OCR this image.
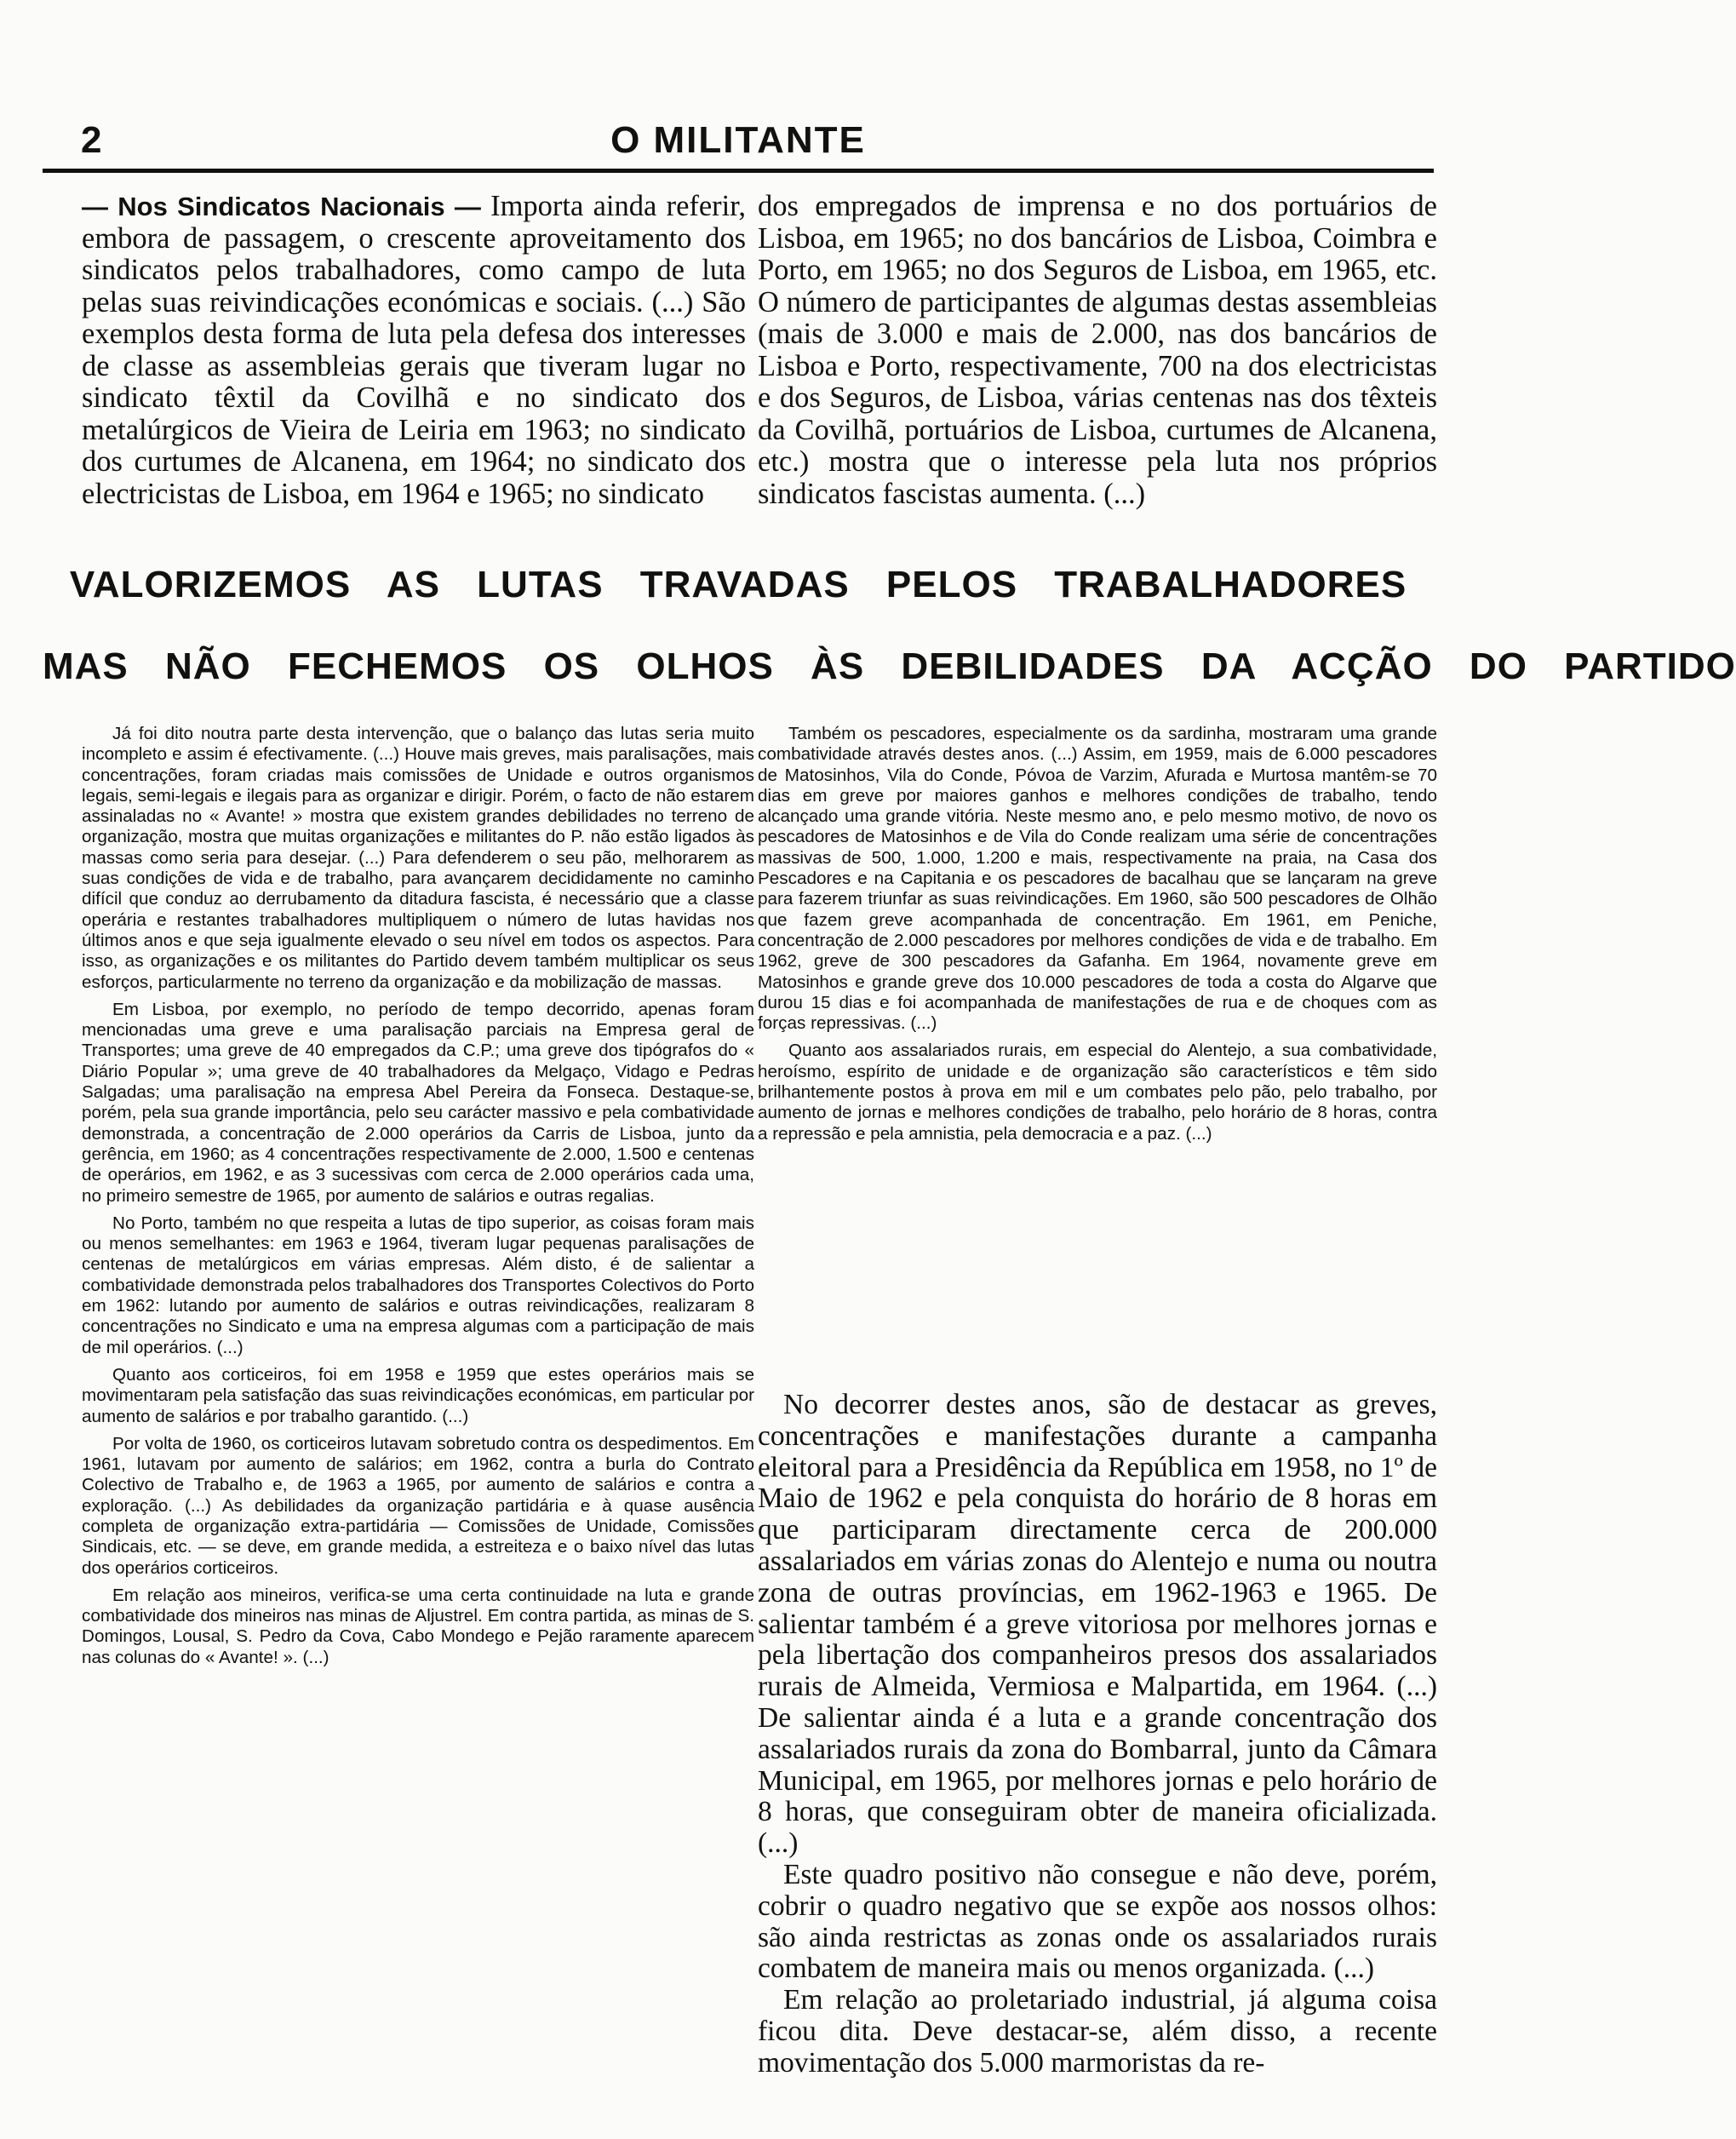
2	O MILITANTE
— Nos Sindicatos Nacionais — Importa ainda referir, embora de passagem, o crescente aproveitamento dos sindicatos pelos trabalhadores, como campo de luta pelas suas reivindicações económicas e sociais. (...) São exemplos desta forma de luta pela defesa dos interesses de classe as assembleias gerais que tiveram lugar no sindicato têxtil da Covilhã e no sindicato dos metalúrgicos de Vieira de Leiria em 1963; no sindicato dos curtumes de Alcanena, em 1964; no sindicato dos electricistas de Lisboa, em 1964 e 1965; no sindicato
dos empregados de imprensa e no dos portuários de Lisboa, em 1965; no dos bancários de Lisboa, Coimbra e Porto, em 1965; no dos Seguros de Lisboa, em 1965, etc. O número de participantes de algumas destas assembleias (mais de 3.000 e mais de 2.000, nas dos bancários de Lisboa e Porto, respectivamente, 700 na dos electricistas e dos Seguros, de Lisboa, várias centenas nas dos têxteis da Covilhã, portuários de Lisboa, curtumes de Alcanena, etc.) mostra que o interesse pela luta nos próprios sindicatos fascistas aumenta. (...)
VALORIZEMOS AS LUTAS TRAVADAS PELOS TRABALHADORES
MAS NÃO FECHEMOS OS OLHOS ÀS DEBILIDADES DA ACÇÃO DO PARTIDO

Já foi dito noutra parte desta intervenção, que o balanço das lutas seria muito incompleto e assim é efectivamente. (...) Houve mais greves, mais paralisações, mais concentrações, foram criadas mais comissões de Unidade e outros organismos legais, semi-legais e ilegais para as organizar e dirigir. Porém, o facto de não estarem assinaladas no « Avante! » mostra que existem grandes debilidades no terreno de organização, mostra que muitas organizações e militantes do P. não estão ligados às massas como seria para desejar. (...) Para defenderem o seu pão, melhorarem as suas condições de vida e de trabalho, para avançarem decididamente no caminho difícil que conduz ao derrubamento da ditadura fascista, é necessário que a classe operária e restantes trabalhadores multipliquem o número de lutas havidas nos últimos anos e que seja igualmente elevado o seu nível em todos os aspectos. Para isso, as organizações e os militantes do Partido devem também multiplicar os seus esforços, particularmente no terreno da organização e da mobilização de massas.

Em Lisboa, por exemplo, no período de tempo decorrido, apenas foram mencionadas uma greve e uma paralisação parciais na Empresa geral de Transportes; uma greve de 40 empregados da C.P.; uma greve dos tipógrafos do « Diário Popular »; uma greve de 40 trabalhadores da Melgaço, Vidago e Pedras Salgadas; uma paralisação na empresa Abel Pereira da Fonseca. Destaque-se, porém, pela sua grande importância, pelo seu carácter massivo e pela combatividade demonstrada, a concentração de 2.000 operários da Carris de Lisboa, junto da gerência, em 1960; as 4 concentrações respectivamente de 2.000, 1.500 e centenas de operários, em 1962, e as 3 sucessivas com cerca de 2.000 operários cada uma, no primeiro semestre de 1965, por aumento de salários e outras regalias.

No Porto, também no que respeita a lutas de tipo superior, as coisas foram mais ou menos semelhantes: em 1963 e 1964, tiveram lugar pequenas paralisações de centenas de metalúrgicos em várias empresas. Além disto, é de salientar a combatividade demonstrada pelos trabalhadores dos Transportes Colectivos do Porto em 1962: lutando por aumento de salários e outras reivindicações, realizaram 8 concentrações no Sindicato e uma na empresa algumas com a participação de mais de mil operários. (...)

Quanto aos corticeiros, foi em 1958 e 1959 que estes operários mais se movimentaram pela satisfação das suas reivindicações económicas, em particular por aumento de salários e por trabalho garantido. (...)

Por volta de 1960, os corticeiros lutavam sobretudo contra os despedimentos. Em 1961, lutavam por aumento de salários; em 1962, contra a burla do Contrato Colectivo de Trabalho e, de 1963 a 1965, por aumento de salários e contra a exploração. (...) As debilidades da organização partidária e à quase ausência completa de organização extra-partidária — Comissões de Unidade, Comissões Sindicais, etc. — se deve, em grande medida, a estreiteza e o baixo nível das lutas dos operários corticeiros.

Em relação aos mineiros, verifica-se uma certa continuidade na luta e grande combatividade dos mineiros nas minas de Aljustrel. Em contra partida, as minas de S. Domingos, Lousal, S. Pedro da Cova, Cabo Mondego e Pejão raramente aparecem nas colunas do « Avante! ». (...)

Também os pescadores, especialmente os da sardinha, mostraram uma grande combatividade através destes anos. (...) Assim, em 1959, mais de 6.000 pescadores de Matosinhos, Vila do Conde, Póvoa de Varzim, Afurada e Murtosa mantêm-se 70 dias em greve por maiores ganhos e melhores condições de trabalho, tendo alcançado uma grande vitória. Neste mesmo ano, e pelo mesmo motivo, de novo os pescadores de Matosinhos e de Vila do Conde realizam uma série de concentrações massivas de 500, 1.000, 1.200 e mais, respectivamente na praia, na Casa dos Pescadores e na Capitania e os pescadores de bacalhau que se lançaram na greve para fazerem triunfar as suas reivindicações. Em 1960, são 500 pescadores de Olhão que fazem greve acompanhada de concentração. Em 1961, em Peniche, concentração de 2.000 pescadores por melhores condições de vida e de trabalho. Em 1962, greve de 300 pescadores da Gafanha. Em 1964, novamente greve em Matosinhos e grande greve dos 10.000 pescadores de toda a costa do Algarve que durou 15 dias e foi acompanhada de manifestações de rua e de choques com as forças repressivas. (...)

Quanto aos assalariados rurais, em especial do Alentejo, a sua combatividade, heroísmo, espírito de unidade e de organização são característicos e têm sido brilhantemente postos à prova em mil e um combates pelo pão, pelo trabalho, por aumento de jornas e melhores condições de trabalho, pelo horário de 8 horas, contra a repressão e pela amnistia, pela democracia e a paz. (...)

No decorrer destes anos, são de destacar as greves, concentrações e manifestações durante a campanha eleitoral para a Presidência da República em 1958, no 1º de Maio de 1962 e pela conquista do horário de 8 horas em que participaram directamente cerca de 200.000 assalariados em várias zonas do Alentejo e numa ou noutra zona de outras províncias, em 1962-1963 e 1965. De salientar também é a greve vitoriosa por melhores jornas e pela libertação dos companheiros presos dos assalariados rurais de Almeida, Vermiosa e Malpartida, em 1964. (...) De salientar ainda é a luta e a grande concentração dos assalariados rurais da zona do Bombarral, junto da Câmara Municipal, em 1965, por melhores jornas e pelo horário de 8 horas, que conseguiram obter de maneira oficializada. (...)

Este quadro positivo não consegue e não deve, porém, cobrir o quadro negativo que se expõe aos nossos olhos: são ainda restrictas as zonas onde os assalariados rurais combatem de maneira mais ou menos organizada. (...)

Em relação ao proletariado industrial, já alguma coisa ficou dita. Deve destacar-se, além disso, a recente movimentação dos 5.000 marmoristas da re-
